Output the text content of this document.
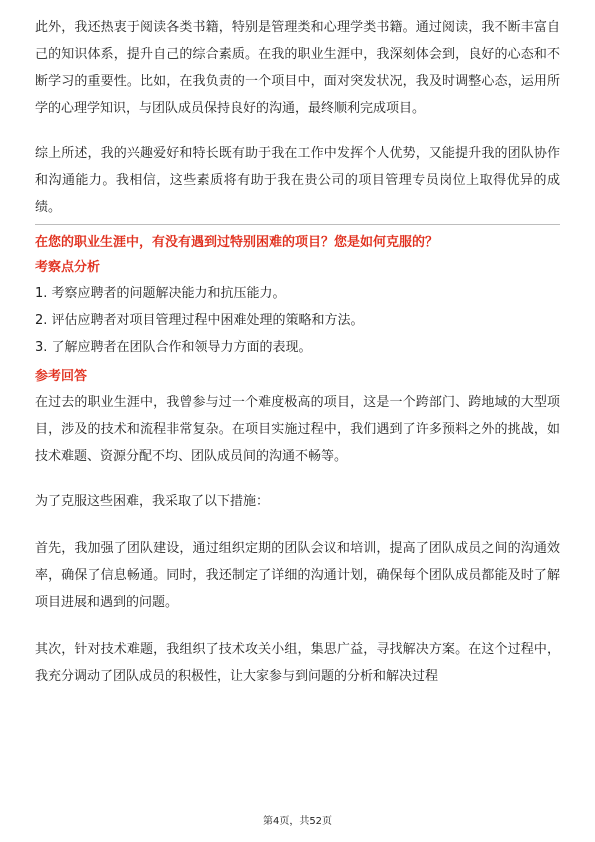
此外，我还热衷于阅读各类书籍，特别是管理类和心理学类书籍。通过阅读，我不断丰富自己的知识体系，提升自己的综合素质。在我的职业生涯中，我深刻体会到，良好的心态和不断学习的重要性。比如，在我负责的一个项目中，面对突发状况，我及时调整心态，运用所学的心理学知识，与团队成员保持良好的沟通，最终顺利完成项目。

综上所述，我的兴趣爱好和特长既有助于我在工作中发挥个人优势，又能提升我的团队协作和沟通能力。我相信，这些素质将有助于我在贵公司的项目管理专员岗位上取得优异的成绩。

在您的职业生涯中，有没有遇到过特别困难的项目？您是如何克服的？

考察点分析

1. 考察应聘者的问题解决能力和抗压能力。
2. 评估应聘者对项目管理过程中困难处理的策略和方法。
3. 了解应聘者在团队合作和领导力方面的表现。

参考回答

在过去的职业生涯中，我曾参与过一个难度极高的项目，这是一个跨部门、跨地域的大型项目，涉及的技术和流程非常复杂。在项目实施过程中，我们遇到了许多预料之外的挑战，如技术难题、资源分配不均、团队成员间的沟通不畅等。

为了克服这些困难，我采取了以下措施：

首先，我加强了团队建设，通过组织定期的团队会议和培训，提高了团队成员之间的沟通效率，确保了信息畅通。同时，我还制定了详细的沟通计划，确保每个团队成员都能及时了解项目进展和遇到的问题。

其次，针对技术难题，我组织了技术攻关小组，集思广益，寻找解决方案。在这个过程中，我充分调动了团队成员的积极性，让大家参与到问题的分析和解决过程

第4页，共52页
